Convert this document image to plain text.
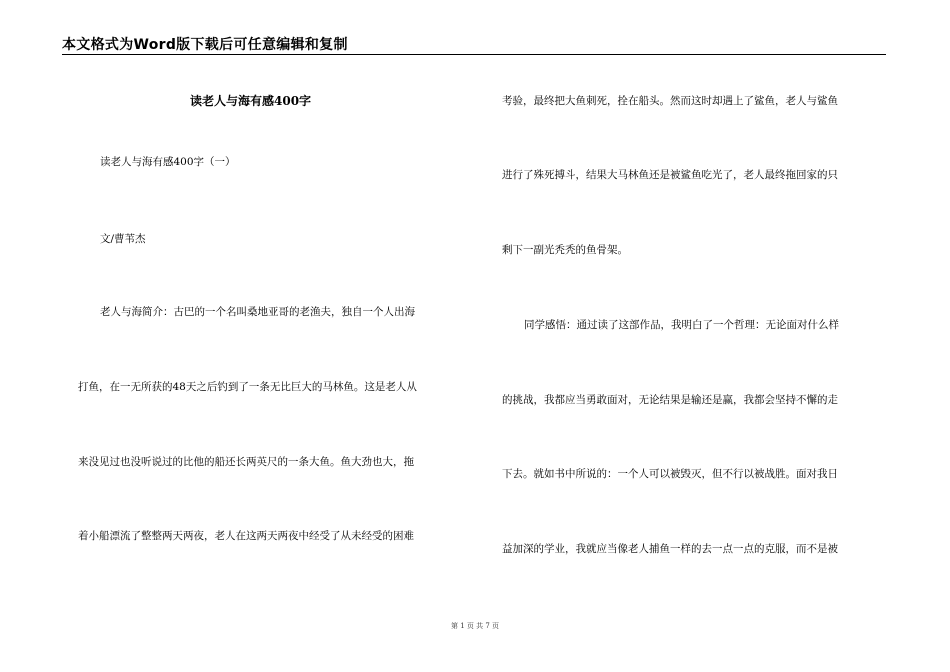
本文格式为Word版下载后可任意编辑和复制
读老人与海有感400字
读老人与海有感400字（一）
文/曹苇杰
老人与海简介：古巴的一个名叫桑地亚哥的老渔夫，独自一个人出海
打鱼，在一无所获的48天之后钓到了一条无比巨大的马林鱼。这是老人从
来没见过也没听说过的比他的船还长两英尺的一条大鱼。鱼大劲也大，拖
着小船漂流了整整两天两夜，老人在这两天两夜中经受了从未经受的困难
考验，最终把大鱼刺死，拴在船头。然而这时却遇上了鲨鱼，老人与鲨鱼
进行了殊死搏斗，结果大马林鱼还是被鲨鱼吃光了，老人最终拖回家的只
剩下一副光秃秃的鱼骨架。
同学感悟：通过读了这部作品，我明白了一个哲理：无论面对什么样
的挑战，我都应当勇敢面对，无论结果是输还是赢，我都会坚持不懈的走
下去。就如书中所说的：一个人可以被毁灭，但不行以被战胜。面对我日
益加深的学业，我就应当像老人捕鱼一样的去一点一点的克服，而不是被
第 1 页 共 7 页
